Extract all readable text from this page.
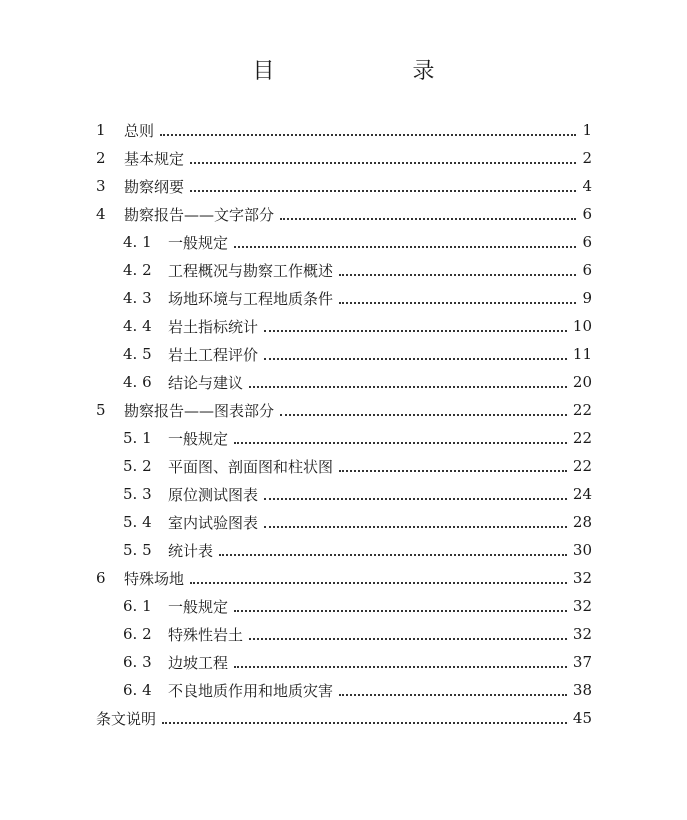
目　录
1	总则	1
2	基本规定	2
3	勘察纲要	4
4	勘察报告——文字部分	6
4. 1	一般规定	6
4. 2	工程概况与勘察工作概述	6
4. 3	场地环境与工程地质条件	9
4. 4	岩土指标统计	10
4. 5	岩土工程评价	11
4. 6	结论与建议	20
5	勘察报告——图表部分	22
5. 1	一般规定	22
5. 2	平面图、剖面图和柱状图	22
5. 3	原位测试图表	24
5. 4	室内试验图表	28
5. 5	统计表	30
6	特殊场地	32
6. 1	一般规定	32
6. 2	特殊性岩土	32
6. 3	边坡工程	37
6. 4	不良地质作用和地质灾害	38
条文说明	45
